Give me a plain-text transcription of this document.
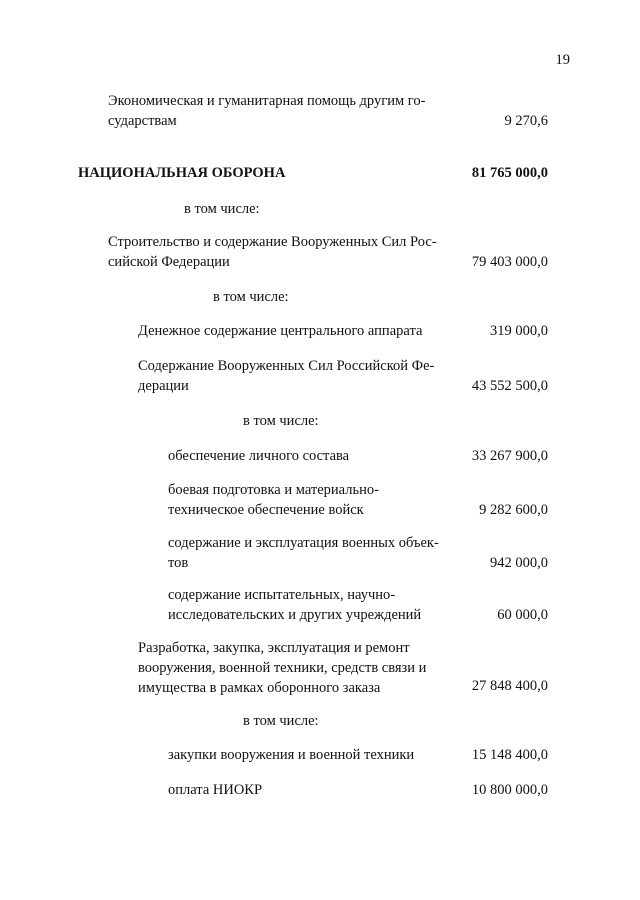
19
Экономическая и гуманитарная помощь другим го-
сударствам	9 270,6
НАЦИОНАЛЬНАЯ ОБОРОНА	81 765 000,0
в том числе:
Строительство и содержание Вооруженных Сил Рос-
сийской Федерации	79 403 000,0
в том числе:
Денежное содержание центрального аппарата	319 000,0
Содержание Вооруженных Сил Российской Фе-
дерации	43 552 500,0
в том числе:
обеспечение личного состава	33 267 900,0
боевая подготовка и материально-
техническое обеспечение войск	9 282 600,0
содержание и эксплуатация военных объек-
тов	942 000,0
содержание испытательных, научно-
исследовательских и других учреждений	60 000,0
Разработка, закупка, эксплуатация и ремонт
вооружения, военной техники, средств связи и
имущества в рамках оборонного заказа	27 848 400,0
в том числе:
закупки вооружения и военной техники	15 148 400,0
оплата НИОКР	10 800 000,0
